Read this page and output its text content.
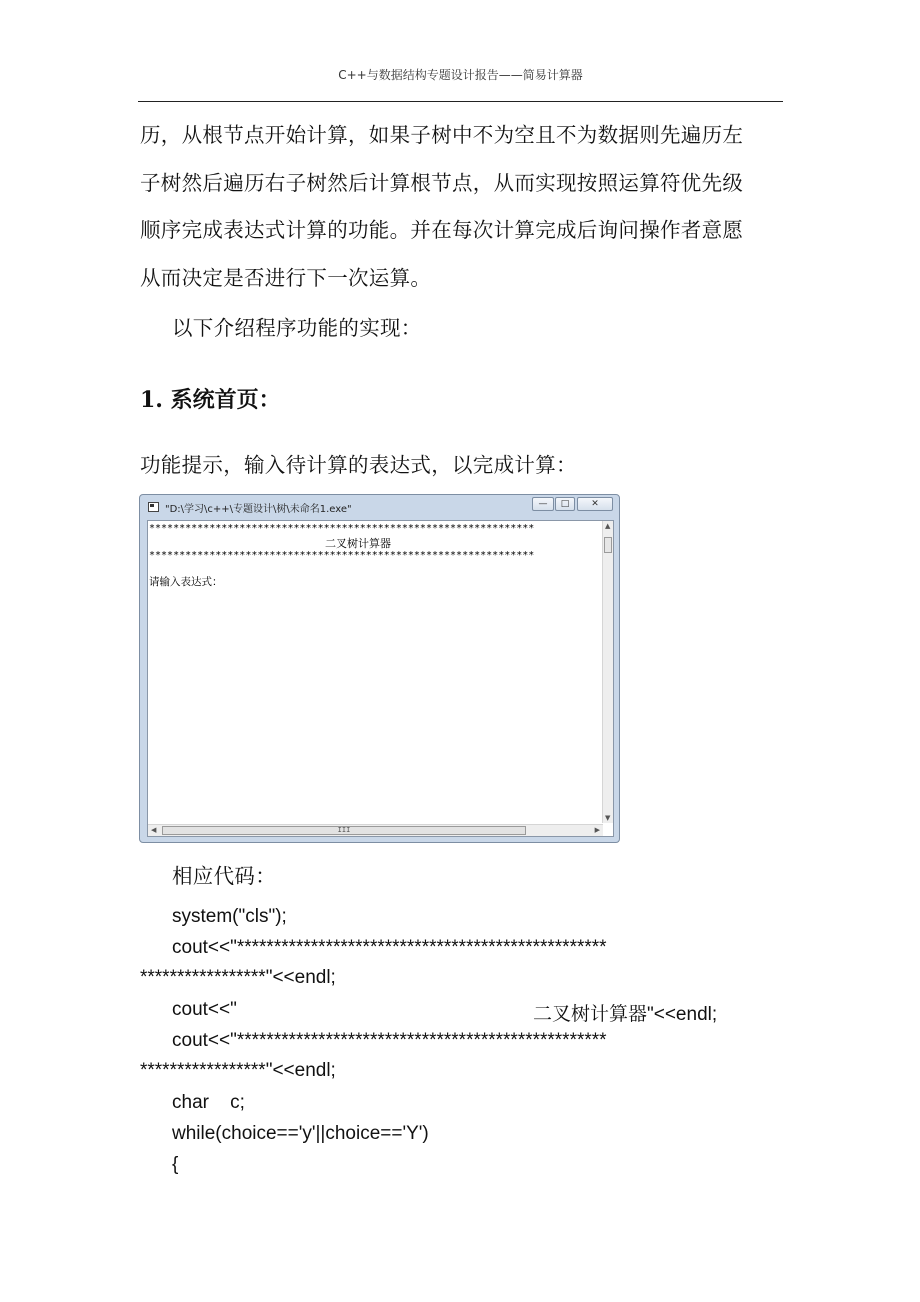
C++与数据结构专题设计报告——简易计算器
历，从根节点开始计算，如果子树中不为空且不为数据则先遍历左
子树然后遍历右子树然后计算根节点，从而实现按照运算符优先级
顺序完成表达式计算的功能。并在每次计算完成后询问操作者意愿
从而决定是否进行下一次运算。
以下介绍程序功能的实现：
1. 系统首页：
功能提示，输入待计算的表达式，以完成计算：
"D:\学习\c++\专题设计\树\未命名1.exe"	—	□	✕
****************************************************************
二叉树计算器
****************************************************************
请输入表达式：
▲
▼
◀	III	▶
相应代码：
system("cls");
cout<<"**************************************************
*****************"<<endl;
cout<<"	二叉树计算器"<<endl;
cout<<"**************************************************
*****************"<<endl;
char    c;
while(choice=='y'||choice=='Y')
{
